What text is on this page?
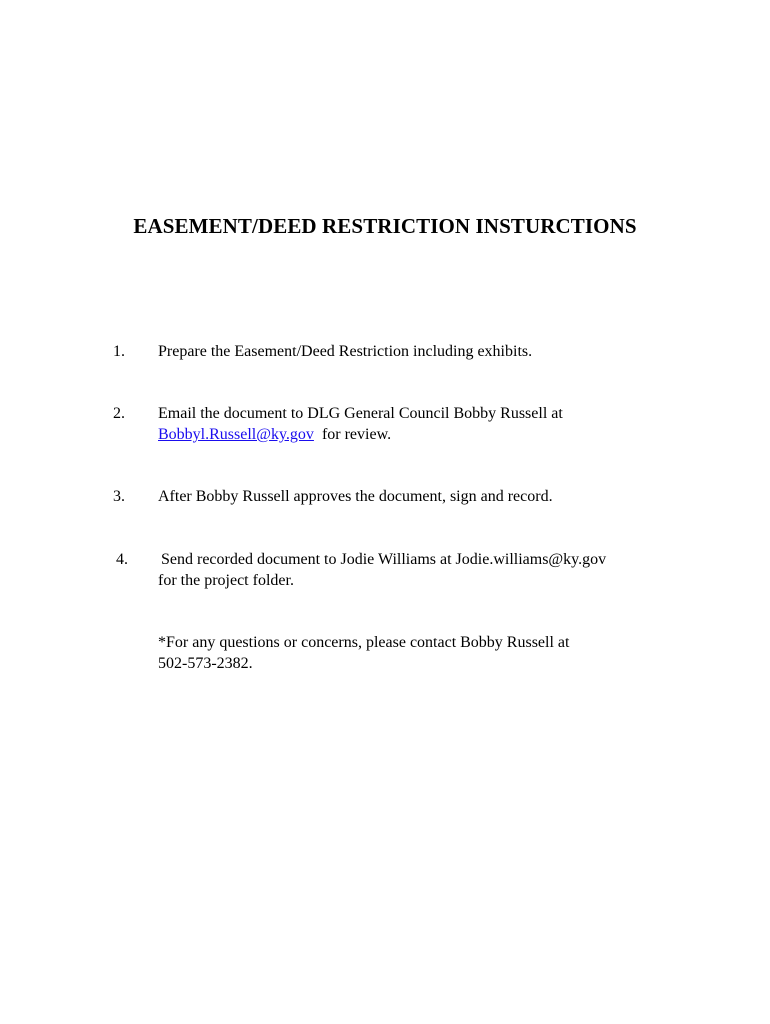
EASEMENT/DEED RESTRICTION INSTURCTIONS
1. Prepare the Easement/Deed Restriction including exhibits.
2. Email the document to DLG General Council Bobby Russell at
Bobbyl.Russell@ky.gov for review.
3. After Bobby Russell approves the document, sign and record.
4. Send recorded document to Jodie Williams at Jodie.williams@ky.gov
for the project folder.
*For any questions or concerns, please contact Bobby Russell at
502-573-2382.
